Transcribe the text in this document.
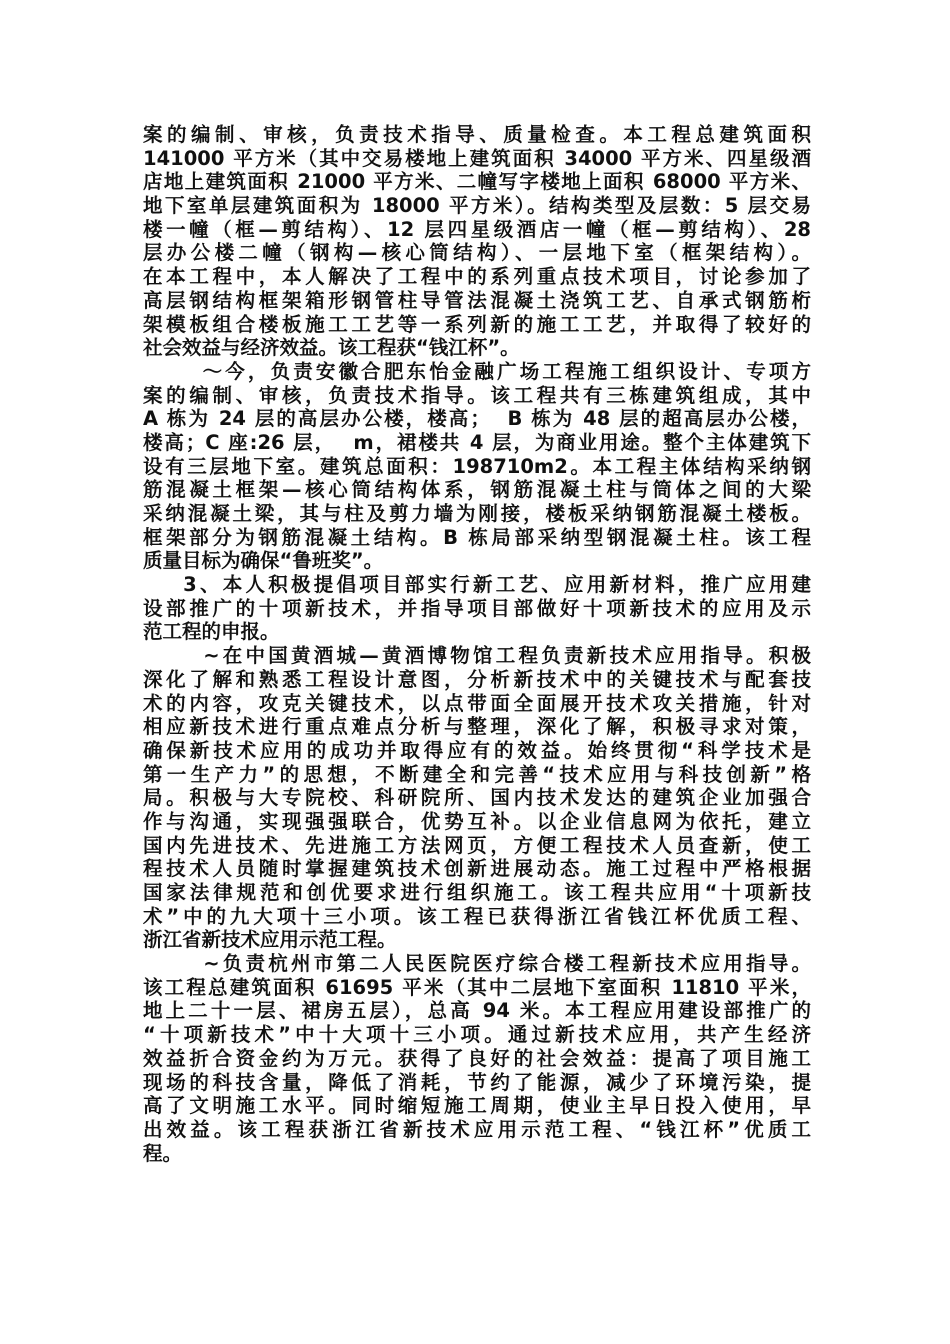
案的编制、审核，负责技术指导、质量检查。本工程总建筑面积
141000 平方米（其中交易楼地上建筑面积 34000 平方米、四星级酒
店地上建筑面积 21000 平方米、二幢写字楼地上面积 68000 平方米、
地下室单层建筑面积为 18000 平方米）。结构类型及层数：5 层交易
楼一幢（框—剪结构）、12 层四星级酒店一幢（框—剪结构）、28
层办公楼二幢（钢构—核心筒结构）、一层地下室（框架结构）。
在本工程中，本人解决了工程中的系列重点技术项目，讨论参加了
高层钢结构框架箱形钢管柱导管法混凝土浇筑工艺、自承式钢筋桁
架模板组合楼板施工工艺等一系列新的施工工艺，并取得了较好的
社会效益与经济效益。该工程获“钱江杯”。
～今，负责安徽合肥东怡金融广场工程施工组织设计、专项方
案的编制、审核，负责技术指导。该工程共有三栋建筑组成，其中
A 栋为 24 层的高层办公楼，楼高；  B 栋为 48 层的超高层办公楼，
楼高；C 座:26 层，  m，裙楼共 4 层，为商业用途。整个主体建筑下
设有三层地下室。建筑总面积：198710m2。本工程主体结构采纳钢
筋混凝土框架—核心筒结构体系，钢筋混凝土柱与筒体之间的大梁
采纳混凝土梁，其与柱及剪力墙为刚接，楼板采纳钢筋混凝土楼板。
框架部分为钢筋混凝土结构。B 栋局部采纳型钢混凝土柱。该工程
质量目标为确保“鲁班奖”。
3、本人积极提倡项目部实行新工艺、应用新材料，推广应用建
设部推广的十项新技术，并指导项目部做好十项新技术的应用及示
范工程的申报。
~在中国黄酒城—黄酒博物馆工程负责新技术应用指导。积极
深化了解和熟悉工程设计意图，分析新技术中的关键技术与配套技
术的内容，攻克关键技术，以点带面全面展开技术攻关措施，针对
相应新技术进行重点难点分析与整理，深化了解，积极寻求对策，
确保新技术应用的成功并取得应有的效益。始终贯彻“科学技术是
第一生产力”的思想，不断建全和完善“技术应用与科技创新”格
局。积极与大专院校、科研院所、国内技术发达的建筑企业加强合
作与沟通，实现强强联合，优势互补。以企业信息网为依托，建立
国内先进技术、先进施工方法网页，方便工程技术人员查新，使工
程技术人员随时掌握建筑技术创新进展动态。施工过程中严格根据
国家法律规范和创优要求进行组织施工。该工程共应用“十项新技
术”中的九大项十三小项。该工程已获得浙江省钱江杯优质工程、
浙江省新技术应用示范工程。
~负责杭州市第二人民医院医疗综合楼工程新技术应用指导。
该工程总建筑面积 61695 平米（其中二层地下室面积 11810 平米，
地上二十一层、裙房五层），总高 94 米。本工程应用建设部推广的
“十项新技术”中十大项十三小项。通过新技术应用，共产生经济
效益折合资金约为万元。获得了良好的社会效益：提高了项目施工
现场的科技含量，降低了消耗，节约了能源，减少了环境污染，提
高了文明施工水平。同时缩短施工周期，使业主早日投入使用，早
出效益。该工程获浙江省新技术应用示范工程、“钱江杯”优质工
程。
